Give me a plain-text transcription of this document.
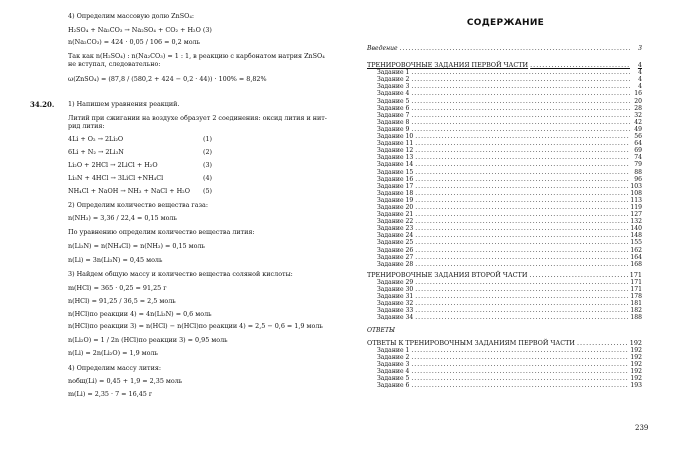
4) Определим массовую долю ZnSO₄:
H₂SO₄ + Na₂CO₃ → Na₂SO₄ + CO₂ + H₂O (3)
n(Na₂CO₃) = 424 · 0,05 / 106 = 0,2 моль
Так как n(H₂SO₄) : n(Na₂CO₃) = 1 : 1, в реакцию с карбонатом натрия ZnSO₄
не вступал, следовательно:
ω(ZnSO₄) = (87,8 / (580,2 + 424 − 0,2 · 44)) · 100% = 8,82%
34.20. 1) Напишем уравнения реакций.
Литий при сжигании на воздухе образует 2 соединения: оксид лития и нит-
рид лития:
4Li + O₂ → 2Li₂O	(1)
6Li + N₂ → 2Li₃N	(2)
Li₂O + 2HCl → 2LiCl + H₂O	(3)
Li₃N + 4HCl → 3LiCl +NH₄Cl	(4)
NH₄Cl + NaOH → NH₃ + NaCl + H₂O (5)
2) Определим количество вещества газа:
n(NH₃) = 3,36 / 22,4 = 0,15 моль
По уравнению определим количество вещества лития:
n(Li₃N) = n(NH₄Cl) = n(NH₃) = 0,15 моль
n(Li) = 3n(Li₃N) = 0,45 моль
3) Найдем общую массу и количество вещества соляной кислоты:
m(HCl) = 365 · 0,25 = 91,25 г
n(HCl) = 91,25 / 36,5 = 2,5 моль
n(HCl)по реакции 4) = 4n(Li₃N) = 0,6 моль
n(HCl)по реакции 3) = n(HCl) − n(HCl)по реакции 4) = 2,5 − 0,6 = 1,9 моль
n(Li₂O) = 1 / 2n (HCl)по реакции 3) = 0,95 моль
n(Li) = 2n(Li₂O) = 1,9 моль
4) Определим массу лития:
nобщ(Li) = 0,45 + 1,9 = 2,35 моль
m(Li) = 2,35 · 7 = 16,45 г
СОДЕРЖАНИЕ
Введение .....	3
ТРЕНИРОВОЧНЫЕ ЗАДАНИЯ ПЕРВОЙ ЧАСТИ .....	4
Задание 1 .....	4
Задание 2 .....	4
Задание 3 .....	4
Задание 4 .....	16
Задание 5 .....	20
Задание 6 .....	28
Задание 7 .....	32
Задание 8 .....	42
Задание 9 .....	49
Задание 10 .....	56
Задание 11 .....	64
Задание 12 .....	69
Задание 13 .....	74
Задание 14 .....	79
Задание 15 .....	88
Задание 16 .....	96
Задание 17 .....	103
Задание 18 .....	108
Задание 19 .....	113
Задание 20 .....	119
Задание 21 .....	127
Задание 22 .....	132
Задание 23 .....	140
Задание 24 .....	148
Задание 25 .....	155
Задание 26 .....	162
Задание 27 .....	164
Задание 28 .....	168
ТРЕНИРОВОЧНЫЕ ЗАДАНИЯ ВТОРОЙ ЧАСТИ .....	171
Задание 29 .....	171
Задание 30 .....	171
Задание 31 .....	178
Задание 32 .....	181
Задание 33 .....	182
Задание 34 .....	188
ОТВЕТЫ
ОТВЕТЫ К ТРЕНИРОВОЧНЫМ ЗАДАНИЯМ ПЕРВОЙ ЧАСТИ .....	192
Задание 1 .....	192
Задание 2 .....	192
Задание 3 .....	192
Задание 4 .....	192
Задание 5 .....	192
Задание 6 .....	193
239
